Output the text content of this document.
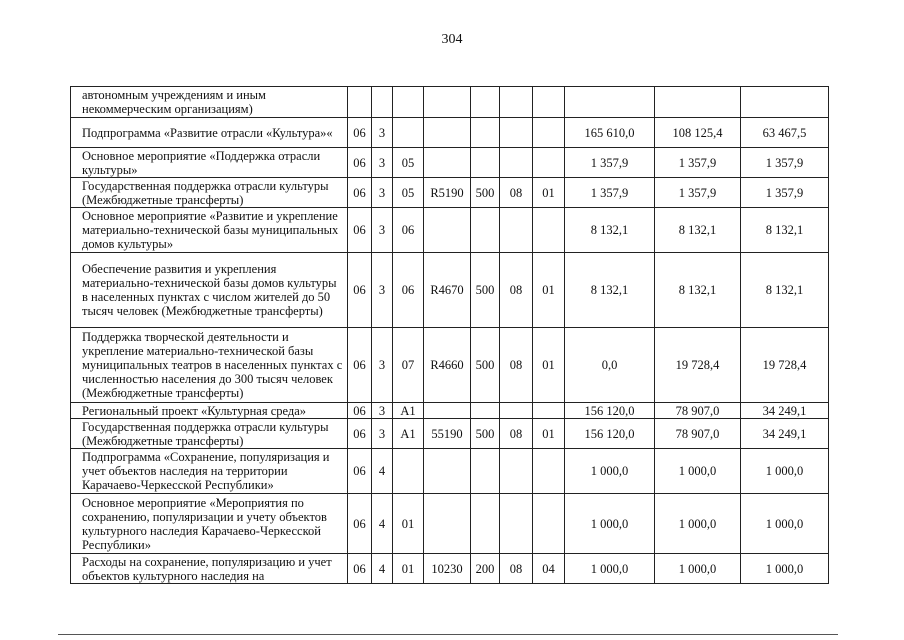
304
автономным учреждениям и иным некоммерческим организациям)										
Подпрограмма «Развитие отрасли «Культура»«	06	3						165 610,0	108 125,4	63 467,5
Основное мероприятие «Поддержка отрасли культуры»	06	3	05					1 357,9	1 357,9	1 357,9
Государственная поддержка отрасли культуры (Межбюджетные трансферты)	06	3	05	R5190	500	08	01	1 357,9	1 357,9	1 357,9
Основное мероприятие «Развитие и укрепление материально-технической базы муниципальных домов культуры»	06	3	06					8 132,1	8 132,1	8 132,1
Обеспечение развития и укрепления материально-технической базы домов культуры в населенных пунктах с числом жителей до 50 тысяч человек (Межбюджетные трансферты)	06	3	06	R4670	500	08	01	8 132,1	8 132,1	8 132,1
Поддержка творческой деятельности и укрепление материально-технической базы муниципальных театров в населенных пунктах с численностью населения до 300 тысяч человек (Межбюджетные трансферты)	06	3	07	R4660	500	08	01	0,0	19 728,4	19 728,4
Региональный проект «Культурная среда»	06	3	A1					156 120,0	78 907,0	34 249,1
Государственная поддержка отрасли культуры (Межбюджетные трансферты)	06	3	A1	55190	500	08	01	156 120,0	78 907,0	34 249,1
Подпрограмма «Сохранение, популяризация и учет объектов наследия на территории Карачаево-Черкесской Республики»	06	4						1 000,0	1 000,0	1 000,0
Основное мероприятие «Мероприятия по сохранению, популяризации и учету объектов культурного наследия Карачаево-Черкесской Республики»	06	4	01					1 000,0	1 000,0	1 000,0
Расходы на сохранение, популяризацию и учет объектов культурного наследия на	06	4	01	10230	200	08	04	1 000,0	1 000,0	1 000,0
